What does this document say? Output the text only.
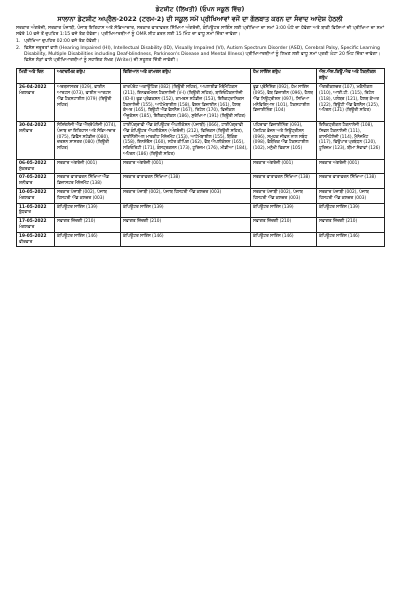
ਡੇਟਸ਼ੀਟ (ਲਿਖਤੀ) (ਓਪਨ ਸਕੂਲ ਵਿੱਚ)
ਸਾਲਾਨਾ ਡੇਟਸ਼ੀਟ ਅਪ੍ਰੈਲ-2022 (ਟਰਮ-2) ਦੀ ਸਕੂਲ ਸਮੇਂ ਪ੍ਰੀਖਿਆਵਾਂ ਵਜੋਂ ਦਾ ਗੱਲਬਾਤ ਕਰਨ ਦਾ ਸੰਵਾਦ ਆਦੇਸ਼ ਹੇਠਲੀ
ਸਰਕਾਰ ਅੰਗਰੇਜ਼ੀ, ਸਰਕਾਰ ਪੰਜਾਬੀ, ਪੰਜਾਬ ਇਤਿਹਾਸ ਅਤੇ ਸੱਭਿਆਚਾਰ, ਸਰਕਾਰ ਵਾਤਾਵਰਨ ਸਿੱਖਿਆ ਅੰਗਰੇਜ਼ੀ, ਕੰਪਿਊਟਰ ਸਾਇੰਸ ਲਈ ਪ੍ਰੀਖਿਆ ਦਾ ਸਮਾਂ 3:00 ਘੰਟੇ ਦਾ ਹੋਵੇਗਾ ਅਤੇ ਬਾਕੀ ਵਿਸ਼ਿਆਂ ਦੀ ਪ੍ਰੀਖਿਆ ਦਾ ਸਮਾਂ ਸਵੇਰੇ 10 ਵਜੇ ਤੋਂ ਦੁਪਹਿਰ 1:15 ਵਜੇ ਤੱਕ ਹੋਵੇਗਾ। ਪ੍ਰੀਖਿਆਰਥੀਆਂ ਨੂੰ OMR ਸ਼ੀਟ ਭਰਨ ਲਈ 15 ਮਿੰਟ ਦਾ ਵਾਧੂ ਸਮਾਂ ਦਿੱਤਾ ਜਾਵੇਗਾ।
1. ਪ੍ਰੀਖਿਆ ਦੁਪਹਿਰ 02:00 ਵਜੇ ਤੱਕ ਹੋਵੇਗੀ।
2. ਵਿਸ਼ੇਸ਼ ਜ਼ਰੂਰਤਾਂ ਵਾਲੇ (Hearing Impaired (HI), Intellectual Disability (ID), Visually Impaired (VI), Autism Spectrum Disorder (ASD), Cerebral Palsy, Specific Learning Disability, Multiple Disabilities including Deaf-blindness, Parkinson's Disease and Mental Illness) ਪ੍ਰੀਖਿਆਰਥੀਆਂ ਨੂੰ ਲਿਖਣ ਲਈ ਵਾਧੂ ਸਮਾਂ ਪ੍ਰਤੀ ਘੰਟਾ 20 ਮਿੰਟ ਦਿੱਤਾ ਜਾਵੇਗਾ। ਵਿਸ਼ੇਸ਼ ਲੋੜਾਂ ਵਾਲੇ ਪ੍ਰੀਖਿਆਰਥੀਆਂ ਨੂੰ ਸਹਾਇਕ ਲੇਖਕ (Writer) ਦੀ ਸਹੂਲਤ ਦਿੱਤੀ ਜਾਵੇਗੀ।
ਮਿਤੀ ਅਤੇ ਦਿਨ	ਅਕਾਦਮਿਕ ਗਰੁੱਪ	ਵਿਗਿਆਨ ਅਤੇ ਕਾਮਰਸ ਗਰੁੱਪ	ਹੋਮ ਸਾਇੰਸ ਗਰੁੱਪ	ਐਨ.ਐਸ.ਕਿਊ.ਐਫ ਅਤੇ ਟੈਕਨੀਕਲ ਗਰੁੱਪ

26-04-2022
ਮੰਗਲਵਾਰ	ਅਰਥਸ਼ਾਸਤਰ (029), ਫਾਈਨ ਆਰਟਸ (073), ਫਾਈਨ ਆਰਟਸ ਐਂਡ ਟੈਕਸਟਾਈਲ (079) (ਥਿਊਰੀ ਸਹਿਤ)	ਕਾਰਪੋਰੇਟ ਅਕਾਊਂਟਿੰਗ (082) (ਥਿਊਰੀ ਸਹਿਤ), ਅਪਲਾਈਡ ਮੈਥੇਮੈਟਿਕਸ (211), ਇਨਫਰਮੇਸ਼ਨ ਟੈਕਨਾਲੋਜੀ (V-I) (ਥਿਊਰੀ ਸਹਿਤ), ਬਾਇਓਟੈਕਨਾਲੋਜੀ (ID-II) ਫੂਡ ਪ੍ਰੋਡਕਸ਼ਨ (152), ਕਾਮਰਸ ਸਟੱਡੀਜ਼ (153), ਇਲੈਕਟ੍ਰਾਨਿਕਸ ਟੈਕਨਾਲੋਜੀ (155), ਆਟੋਮੋਬਾਈਲ (158), ਫੈਸ਼ਨ ਡਿਜ਼ਾਈਨ (161), ਹੈਲਥ ਕੇਅਰ (165), ਬਿਊਟੀ ਐਂਡ ਵੈਲਨੈਸ (167), ਰਿਟੇਲ (170), ਫਿਜ਼ੀਕਲ ਐਜੂਕੇਸ਼ਨ (185), ਇਲੈਕਟ੍ਰੀਕਲ (186), ਸੁਰੱਖਿਆ (191) (ਥਿਊਰੀ ਸਹਿਤ)	ਫੂਡ ਪ੍ਰੋਸੈਸਿੰਗ (092), ਹੋਮ ਸਾਇੰਸ (095), ਵੈਬ ਡਿਜ਼ਾਈਨ (096), ਹੈਲਥ ਐਂਡ ਨਿਊਟ੍ਰੀਸ਼ਨ (097), ਸਿਖਿਆ ਮਨੋਵਿਗਿਆਨ (101), ਟੈਕਸਟਾਈਲ ਡਿਜ਼ਾਈਨਿੰਗ (104)	ਐਗਰੀਕਲਚਰ (107), ਮਕੈਨੀਕਲ (110), ਆਈ.ਟੀ. (115), ਰਿਟੇਲ (118), ਪਲੰਬਰ (121), ਹੈਲਥ ਕੇਅਰ (122), ਬਿਊਟੀ ਐਂਡ ਵੈਲਨੈਸ (125), ਅਪੈਰਲ (131) (ਥਿਊਰੀ ਸਹਿਤ)

30-04-2022
ਸ਼ਨੀਵਾਰ	ਸੋਸ਼ਿਓਲੋਜੀ ਐਂਡ ਐਂਥਰੋਪੋਲੋਜੀ (074), ਪੰਜਾਬ ਦਾ ਇਤਿਹਾਸ ਅਤੇ ਸੱਭਿਆਚਾਰ (075), ਡਿਫੈਂਸ ਸਟੱਡੀਜ਼ (080), ਦਰਸ਼ਨ ਸ਼ਾਸਤਰ (080) (ਥਿਊਰੀ ਸਹਿਤ)	ਟਾਈਪੋਗ੍ਰਾਫੀ ਐਂਡ ਕੰਪਿਊਟਰ ਐਪਲੀਕੇਸ਼ਨ (ਪੰਜਾਬੀ) (066), ਟਾਈਪੋਗ੍ਰਾਫੀ ਐਂਡ ਕੰਪਿਊਟਰ ਐਪਲੀਕੇਸ਼ਨ (ਅੰਗਰੇਜ਼ੀ) (212), ਫਿਜ਼ਿਕਸ (ਥਿਊਰੀ ਸਹਿਤ), ਫਾਈਨੈਂਸ਼ੀਅਲ ਮਾਰਕੀਟ ਮੈਨੇਜਮੈਂਟ (153), ਆਟੋਮੋਬਾਈਲ (155), ਬੈਂਕਿੰਗ (158), ਇਨਸ਼ੋਰੈਂਸ (160), ਸਟੋਰ ਕੀਪਿੰਗ (162), ਵੈੱਬ ਐਪਲੀਕੇਸ਼ਨ (165), ਸਕਿਓਰਿਟੀ (171), ਕੰਸਟ੍ਰਕਸ਼ਨ (173), ਟੂਰਿਜ਼ਮ (176), ਮੀਡੀਆ (184), ਅਪੈਰਲ (186) (ਥਿਊਰੀ ਸਹਿਤ)	ਪਹਿਰਾਵਾ ਡਿਜ਼ਾਈਨਿੰਗ (093), ਪੌਸ਼ਟਿਕ ਭੋਜਨ ਅਤੇ ਨਿਊਟ੍ਰੀਸ਼ਨ (096), ਸਮੂਹਕ ਜੀਵਨ ਨਾਲ ਸਬੰਧ (098), ਫੈਬਰਿਕ ਐਂਡ ਟੈਕਸਟਾਈਲ (102), ਮਨੁੱਖੀ ਵਿਕਾਸ (105)	ਇਲੈਕਟ੍ਰੀਕਲ ਟੈਕਨਾਲੋਜੀ (108), ਸਿਵਲ ਟੈਕਨਾਲੋਜੀ (111), ਕਾਸਮੈਟੋਲੋਜੀ (114), ਮੈਨੇਜਮੈਂਟ (117), ਵਿਉਪਾਰ ਪ੍ਰਬੰਧਨ (120), ਟੂਰਿਜ਼ਮ (123), ਬੀਮਾ ਸੇਵਾਵਾਂ (126)

06-05-2022
ਸ਼ੁੱਕਰਵਾਰ	ਸਰਕਾਰ ਅੰਗਰੇਜ਼ੀ (001)	ਸਰਕਾਰ ਅੰਗਰੇਜ਼ੀ (001)	ਸਰਕਾਰ ਅੰਗਰੇਜ਼ੀ (001)	ਸਰਕਾਰ ਅੰਗਰੇਜ਼ੀ (001)

07-05-2022
ਸ਼ਨੀਵਾਰ	ਸਰਕਾਰ ਵਾਤਾਵਰਨ ਸਿੱਖਿਆ ਐਂਡ ਡਿਜ਼ਾਸਟਰ ਮੈਨੇਜਮੈਂਟ (138)	ਸਰਕਾਰ ਵਾਤਾਵਰਨ ਸਿੱਖਿਆ (138)	ਸਰਕਾਰ ਵਾਤਾਵਰਨ ਸਿੱਖਿਆ (138)	ਸਰਕਾਰ ਵਾਤਾਵਰਨ ਸਿੱਖਿਆ (138)

10-05-2022
ਮੰਗਲਵਾਰ	ਸਰਕਾਰ ਪੰਜਾਬੀ (002), ਪੰਜਾਬ ਹਿਸਟਰੀ ਐਂਡ ਕਲਚਰ (003)	ਸਰਕਾਰ ਪੰਜਾਬੀ (002), ਪੰਜਾਬ ਹਿਸਟਰੀ ਐਂਡ ਕਲਚਰ (003)	ਸਰਕਾਰ ਪੰਜਾਬੀ (002), ਪੰਜਾਬ ਹਿਸਟਰੀ ਐਂਡ ਕਲਚਰ (003)	ਸਰਕਾਰ ਪੰਜਾਬੀ (002), ਪੰਜਾਬ ਹਿਸਟਰੀ ਐਂਡ ਕਲਚਰ (003)

11-05-2022
ਬੁੱਧਵਾਰ	ਕੰਪਿਊਟਰ ਸਾਇੰਸ (139)	ਕੰਪਿਊਟਰ ਸਾਇੰਸ (139)	ਕੰਪਿਊਟਰ ਸਾਇੰਸ (139)	ਕੰਪਿਊਟਰ ਸਾਇੰਸ (139)

17-05-2022
ਮੰਗਲਵਾਰ	ਸਵਾਗਤ ਜ਼ਿੰਦਗੀ (210)	ਸਵਾਗਤ ਜ਼ਿੰਦਗੀ (210)	ਸਵਾਗਤ ਜ਼ਿੰਦਗੀ (210)	ਸਵਾਗਤ ਜ਼ਿੰਦਗੀ (210)

19-05-2022
ਵੀਰਵਾਰ	ਕੰਪਿਊਟਰ ਸਾਇੰਸ (146)	ਕੰਪਿਊਟਰ ਸਾਇੰਸ (146)	ਕੰਪਿਊਟਰ ਸਾਇੰਸ (146)	ਕੰਪਿਊਟਰ ਸਾਇੰਸ (146)
